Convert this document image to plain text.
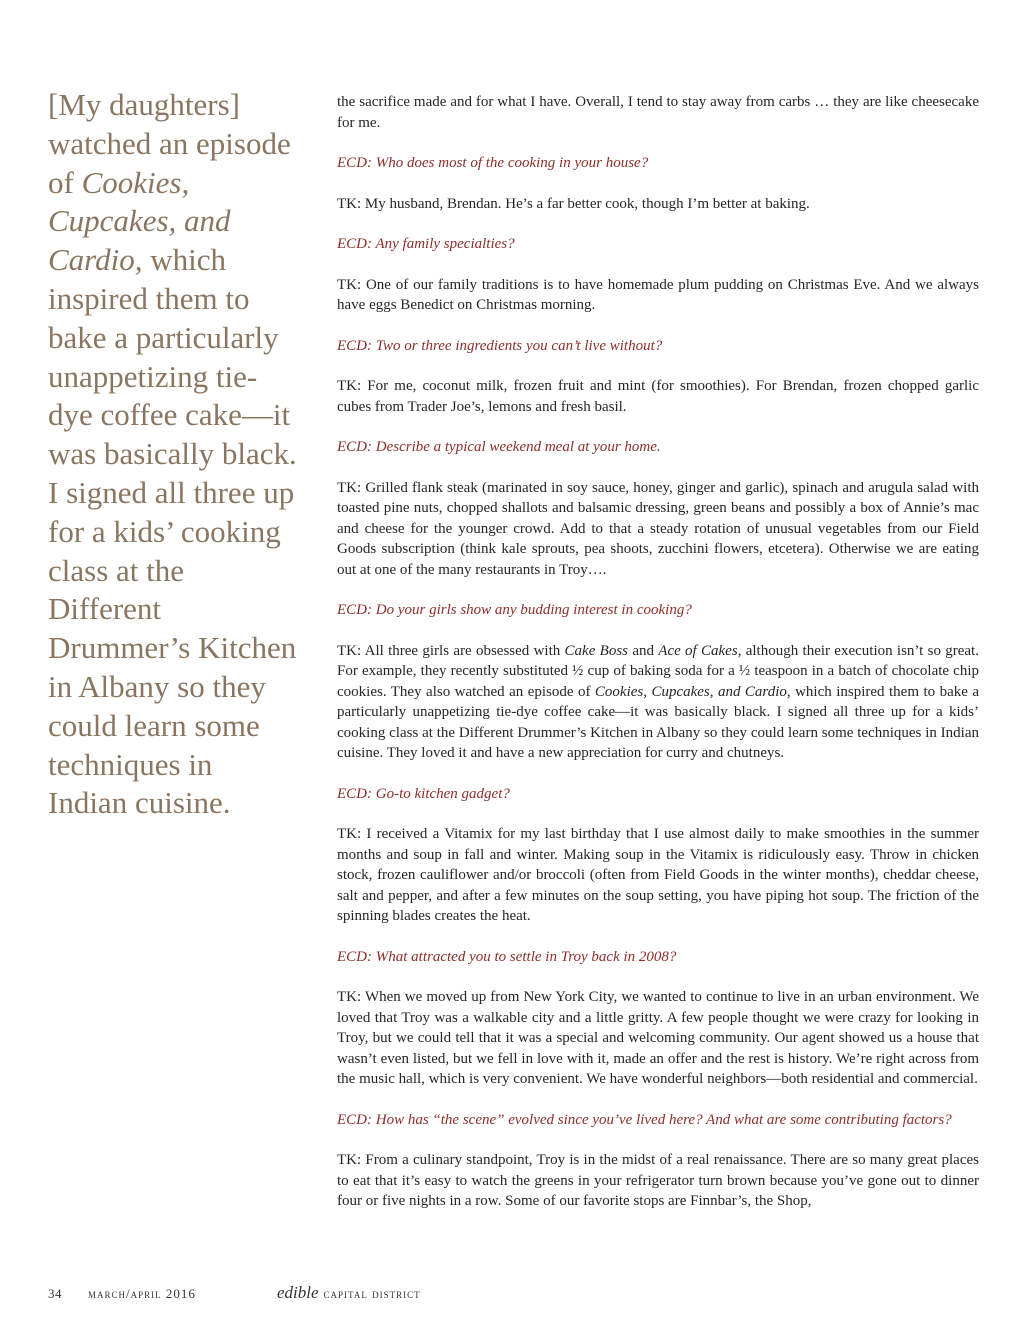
[My daughters] watched an episode of Cookies, Cupcakes, and Cardio, which inspired them to bake a particularly unappetizing tie-dye coffee cake—it was basically black. I signed all three up for a kids’ cooking class at the Different Drummer’s Kitchen in Albany so they could learn some techniques in Indian cuisine.

the sacrifice made and for what I have. Overall, I tend to stay away from carbs … they are like cheesecake for me.

ECD: Who does most of the cooking in your house?

TK: My husband, Brendan. He’s a far better cook, though I’m better at baking.

ECD: Any family specialties?

TK: One of our family traditions is to have homemade plum pudding on Christmas Eve. And we always have eggs Benedict on Christmas morning.

ECD: Two or three ingredients you can’t live without?

TK: For me, coconut milk, frozen fruit and mint (for smoothies). For Brendan, frozen chopped garlic cubes from Trader Joe’s, lemons and fresh basil.

ECD: Describe a typical weekend meal at your home.

TK: Grilled flank steak (marinated in soy sauce, honey, ginger and garlic), spinach and arugula salad with toasted pine nuts, chopped shallots and balsamic dressing, green beans and possibly a box of Annie’s mac and cheese for the younger crowd. Add to that a steady rotation of unusual vegetables from our Field Goods subscription (think kale sprouts, pea shoots, zucchini flowers, etcetera). Otherwise we are eating out at one of the many restaurants in Troy….

ECD: Do your girls show any budding interest in cooking?

TK: All three girls are obsessed with Cake Boss and Ace of Cakes, although their execution isn’t so great. For example, they recently substituted ½ cup of baking soda for a ½ teaspoon in a batch of chocolate chip cookies. They also watched an episode of Cookies, Cupcakes, and Cardio, which inspired them to bake a particularly unappetizing tie-dye coffee cake—it was basically black. I signed all three up for a kids’ cooking class at the Different Drummer’s Kitchen in Albany so they could learn some techniques in Indian cuisine. They loved it and have a new appreciation for curry and chutneys.

ECD: Go-to kitchen gadget?

TK: I received a Vitamix for my last birthday that I use almost daily to make smoothies in the summer months and soup in fall and winter. Making soup in the Vitamix is ridiculously easy. Throw in chicken stock, frozen cauliflower and/or broccoli (often from Field Goods in the winter months), cheddar cheese, salt and pepper, and after a few minutes on the soup setting, you have piping hot soup. The friction of the spinning blades creates the heat.

ECD: What attracted you to settle in Troy back in 2008?

TK: When we moved up from New York City, we wanted to continue to live in an urban environment. We loved that Troy was a walkable city and a little gritty. A few people thought we were crazy for looking in Troy, but we could tell that it was a special and welcoming community. Our agent showed us a house that wasn’t even listed, but we fell in love with it, made an offer and the rest is history. We’re right across from the music hall, which is very convenient. We have wonderful neighbors—both residential and commercial.

ECD: How has “the scene” evolved since you’ve lived here? And what are some contributing factors?

TK: From a culinary standpoint, Troy is in the midst of a real renaissance. There are so many great places to eat that it’s easy to watch the greens in your refrigerator turn brown because you’ve gone out to dinner four or five nights in a row. Some of our favorite stops are Finnbar’s, the Shop,

34	march/april 2016	edible capital district
